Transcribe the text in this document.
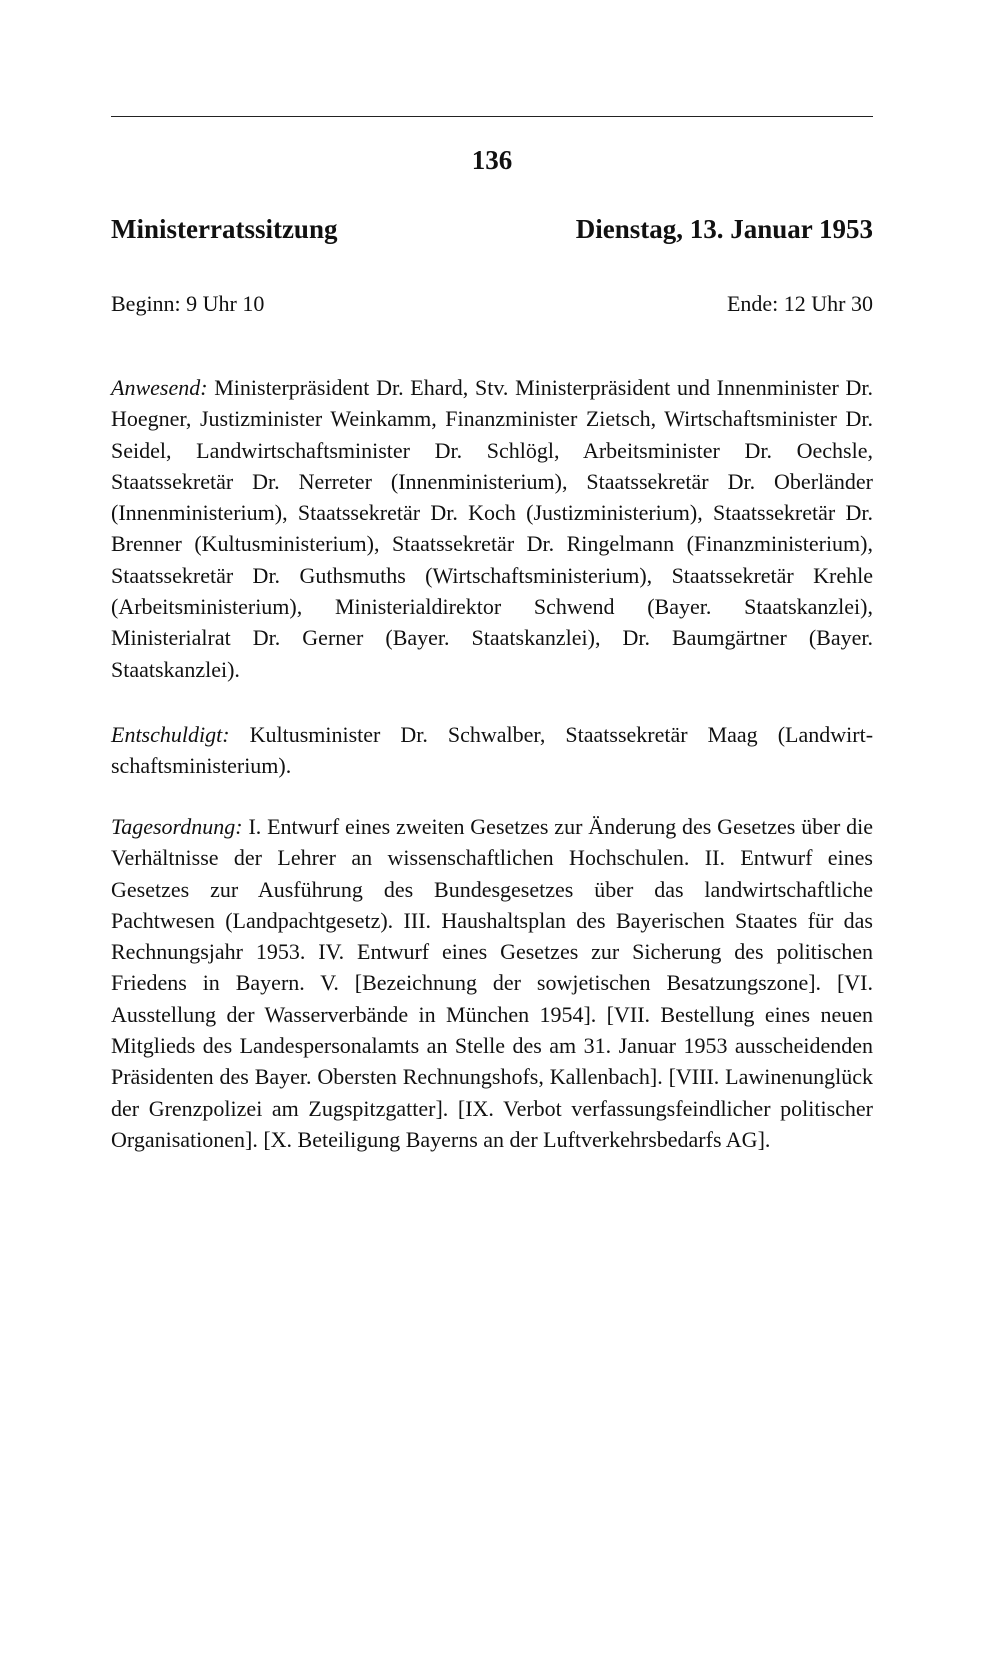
136
Ministerratssitzung	Dienstag, 13. Januar 1953
Beginn: 9 Uhr 10	Ende: 12 Uhr 30

Anwesend: Ministerpräsident Dr. Ehard, Stv. Ministerpräsident und Innenminister Dr. Hoegner, Justizminister Weinkamm, Finanzminister Zietsch, Wirtschaftsminister Dr. Seidel, Landwirtschaftsminister Dr. Schlögl, Arbeitsminister Dr. Oechsle, Staatssekretär Dr. Nerreter (Innenministerium), Staatssekretär Dr. Oberländer (Innenministerium), Staatssekretär Dr. Koch (Justizministerium), Staatssekretär Dr. Brenner (Kultusministerium), Staatssekretär Dr. Ringelmann (Finanzministerium), Staatssekretär Dr. Guthsmuths (Wirtschaftsministerium), Staatssekretär Krehle (Arbeitsministerium), Ministerialdirektor Schwend (Bayer. Staatskanzlei), Ministerialrat Dr. Gerner (Bayer. Staatskanzlei), Dr. Baumgärtner (Bayer. Staatskanzlei).

Entschuldigt: Kultusminister Dr. Schwalber, Staatssekretär Maag (Landwirtschaftsministerium).

Tagesordnung: I. Entwurf eines zweiten Gesetzes zur Änderung des Gesetzes über die Verhältnisse der Lehrer an wissenschaftlichen Hochschulen. II. Entwurf eines Gesetzes zur Ausführung des Bundesgesetzes über das landwirtschaftliche Pachtwesen (Landpachtgesetz). III. Haushaltsplan des Bayerischen Staates für das Rechnungsjahr 1953. IV. Entwurf eines Gesetzes zur Sicherung des politischen Friedens in Bayern. V. [Bezeichnung der sowjetischen Besatzungszone]. [VI. Ausstellung der Wasserverbände in München 1954]. [VII. Bestellung eines neuen Mitglieds des Landespersonalamts an Stelle des am 31. Januar 1953 ausscheidenden Präsidenten des Bayer. Obersten Rechnungshofs, Kallenbach]. [VIII. Lawinenunglück der Grenzpolizei am Zugspitzgatter]. [IX. Verbot verfassungsfeindlicher politischer Organisationen]. [X. Beteiligung Bayerns an der Luftverkehrsbedarfs AG].
